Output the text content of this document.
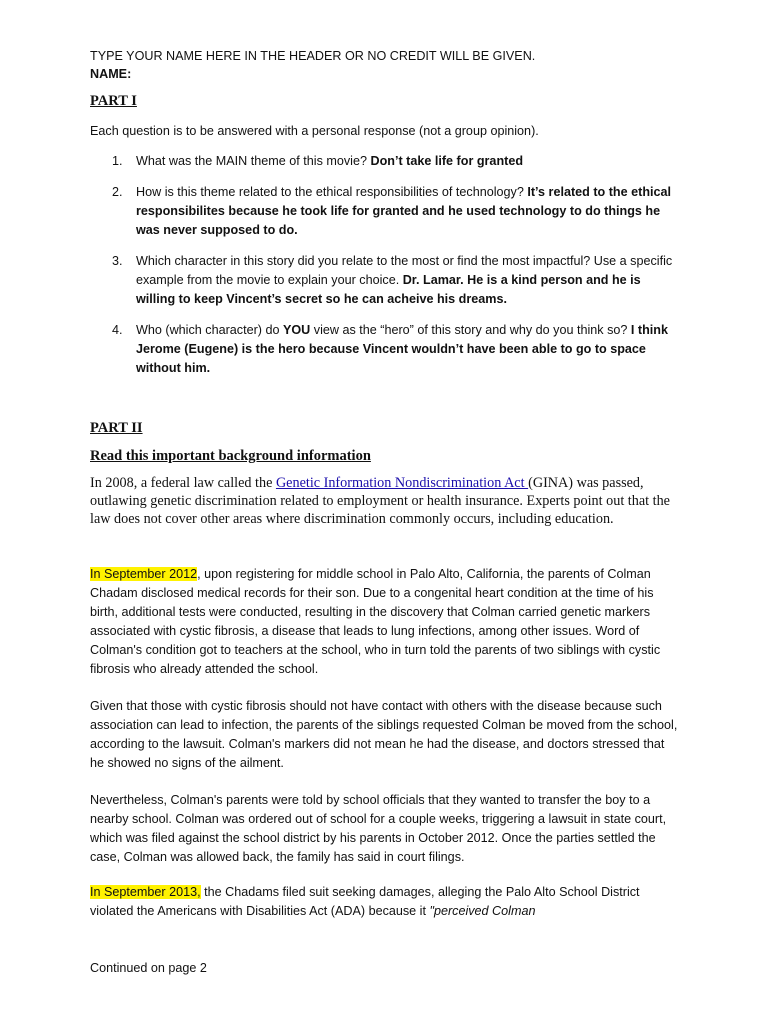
TYPE YOUR NAME HERE IN THE HEADER OR NO CREDIT WILL BE GIVEN.
NAME:
PART I
Each question is to be answered with a personal response (not a group opinion).
1. What was the MAIN theme of this movie? Don’t take life for granted
2. How is this theme related to the ethical responsibilities of technology? It’s related to the ethical responsibilites because he took life for granted and he used technology to do things he was never supposed to do.
3. Which character in this story did you relate to the most or find the most impactful? Use a specific example from the movie to explain your choice. Dr. Lamar. He is a kind person and he is willing to keep Vincent’s secret so he can acheive his dreams.
4. Who (which character) do YOU view as the “hero” of this story and why do you think so? I think Jerome (Eugene) is the hero because Vincent wouldn’t have been able to go to space without him.
PART II
Read this important background information
In 2008, a federal law called the Genetic Information Nondiscrimination Act (GINA) was passed, outlawing genetic discrimination related to employment or health insurance. Experts point out that the law does not cover other areas where discrimination commonly occurs, including education.
In September 2012, upon registering for middle school in Palo Alto, California, the parents of Colman Chadam disclosed medical records for their son. Due to a congenital heart condition at the time of his birth, additional tests were conducted, resulting in the discovery that Colman carried genetic markers associated with cystic fibrosis, a disease that leads to lung infections, among other issues. Word of Colman's condition got to teachers at the school, who in turn told the parents of two siblings with cystic fibrosis who already attended the school.
Given that those with cystic fibrosis should not have contact with others with the disease because such association can lead to infection, the parents of the siblings requested Colman be moved from the school, according to the lawsuit. Colman's markers did not mean he had the disease, and doctors stressed that he showed no signs of the ailment.
Nevertheless, Colman's parents were told by school officials that they wanted to transfer the boy to a nearby school. Colman was ordered out of school for a couple weeks, triggering a lawsuit in state court, which was filed against the school district by his parents in October 2012. Once the parties settled the case, Colman was allowed back, the family has said in court filings.
In September 2013, the Chadams filed suit seeking damages, alleging the Palo Alto School District violated the Americans with Disabilities Act (ADA) because it "perceived Colman
Continued on page 2
